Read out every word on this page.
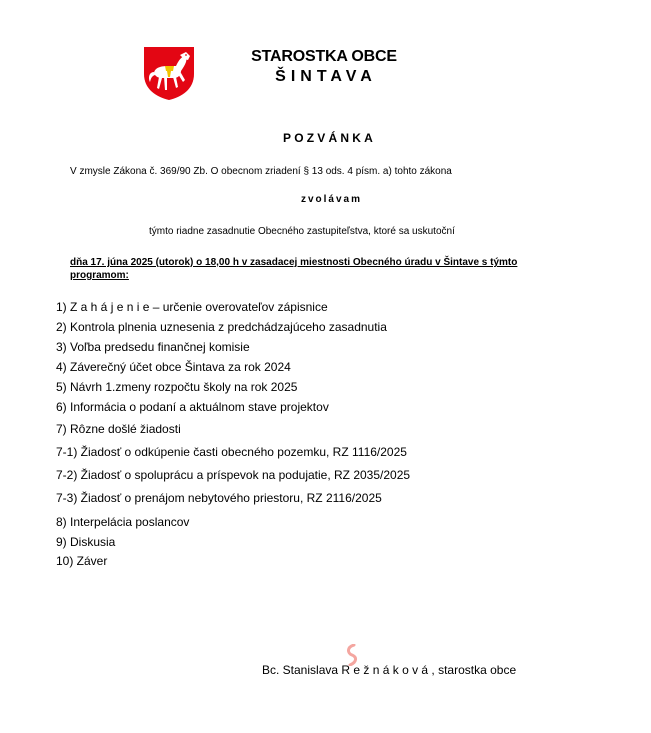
STAROSTKA OBCE
ŠINTAVA
POZVÁNKA
V zmysle Zákona č. 369/90 Zb. O obecnom zriadení § 13 ods. 4 písm. a) tohto zákona
zvolávam
týmto riadne zasadnutie Obecného zastupiteľstva, ktoré sa uskutoční
dňa 17. júna 2025 (utorok) o 18,00 h v zasadacej miestnosti Obecného úradu v Šintave s týmto programom:
1) Z a h á j e n i e – určenie overovateľov zápisnice
2) Kontrola plnenia uznesenia z predchádzajúceho zasadnutia
3) Voľba predsedu finančnej komisie
4) Záverečný účet obce Šintava za rok 2024
5) Návrh 1.zmeny rozpočtu školy na rok 2025
6) Informácia o podaní a aktuálnom stave projektov
7) Rôzne došlé žiadosti
7-1) Žiadosť o odkúpenie časti obecného pozemku, RZ 1116/2025
7-2) Žiadosť o spoluprácu a príspevok na podujatie, RZ 2035/2025
7-3) Žiadosť o prenájom nebytového priestoru, RZ 2116/2025
8) Interpelácia poslancov
9) Diskusia
10) Záver
Bc. Stanislava R e ž n á k o v á , starostka obce
